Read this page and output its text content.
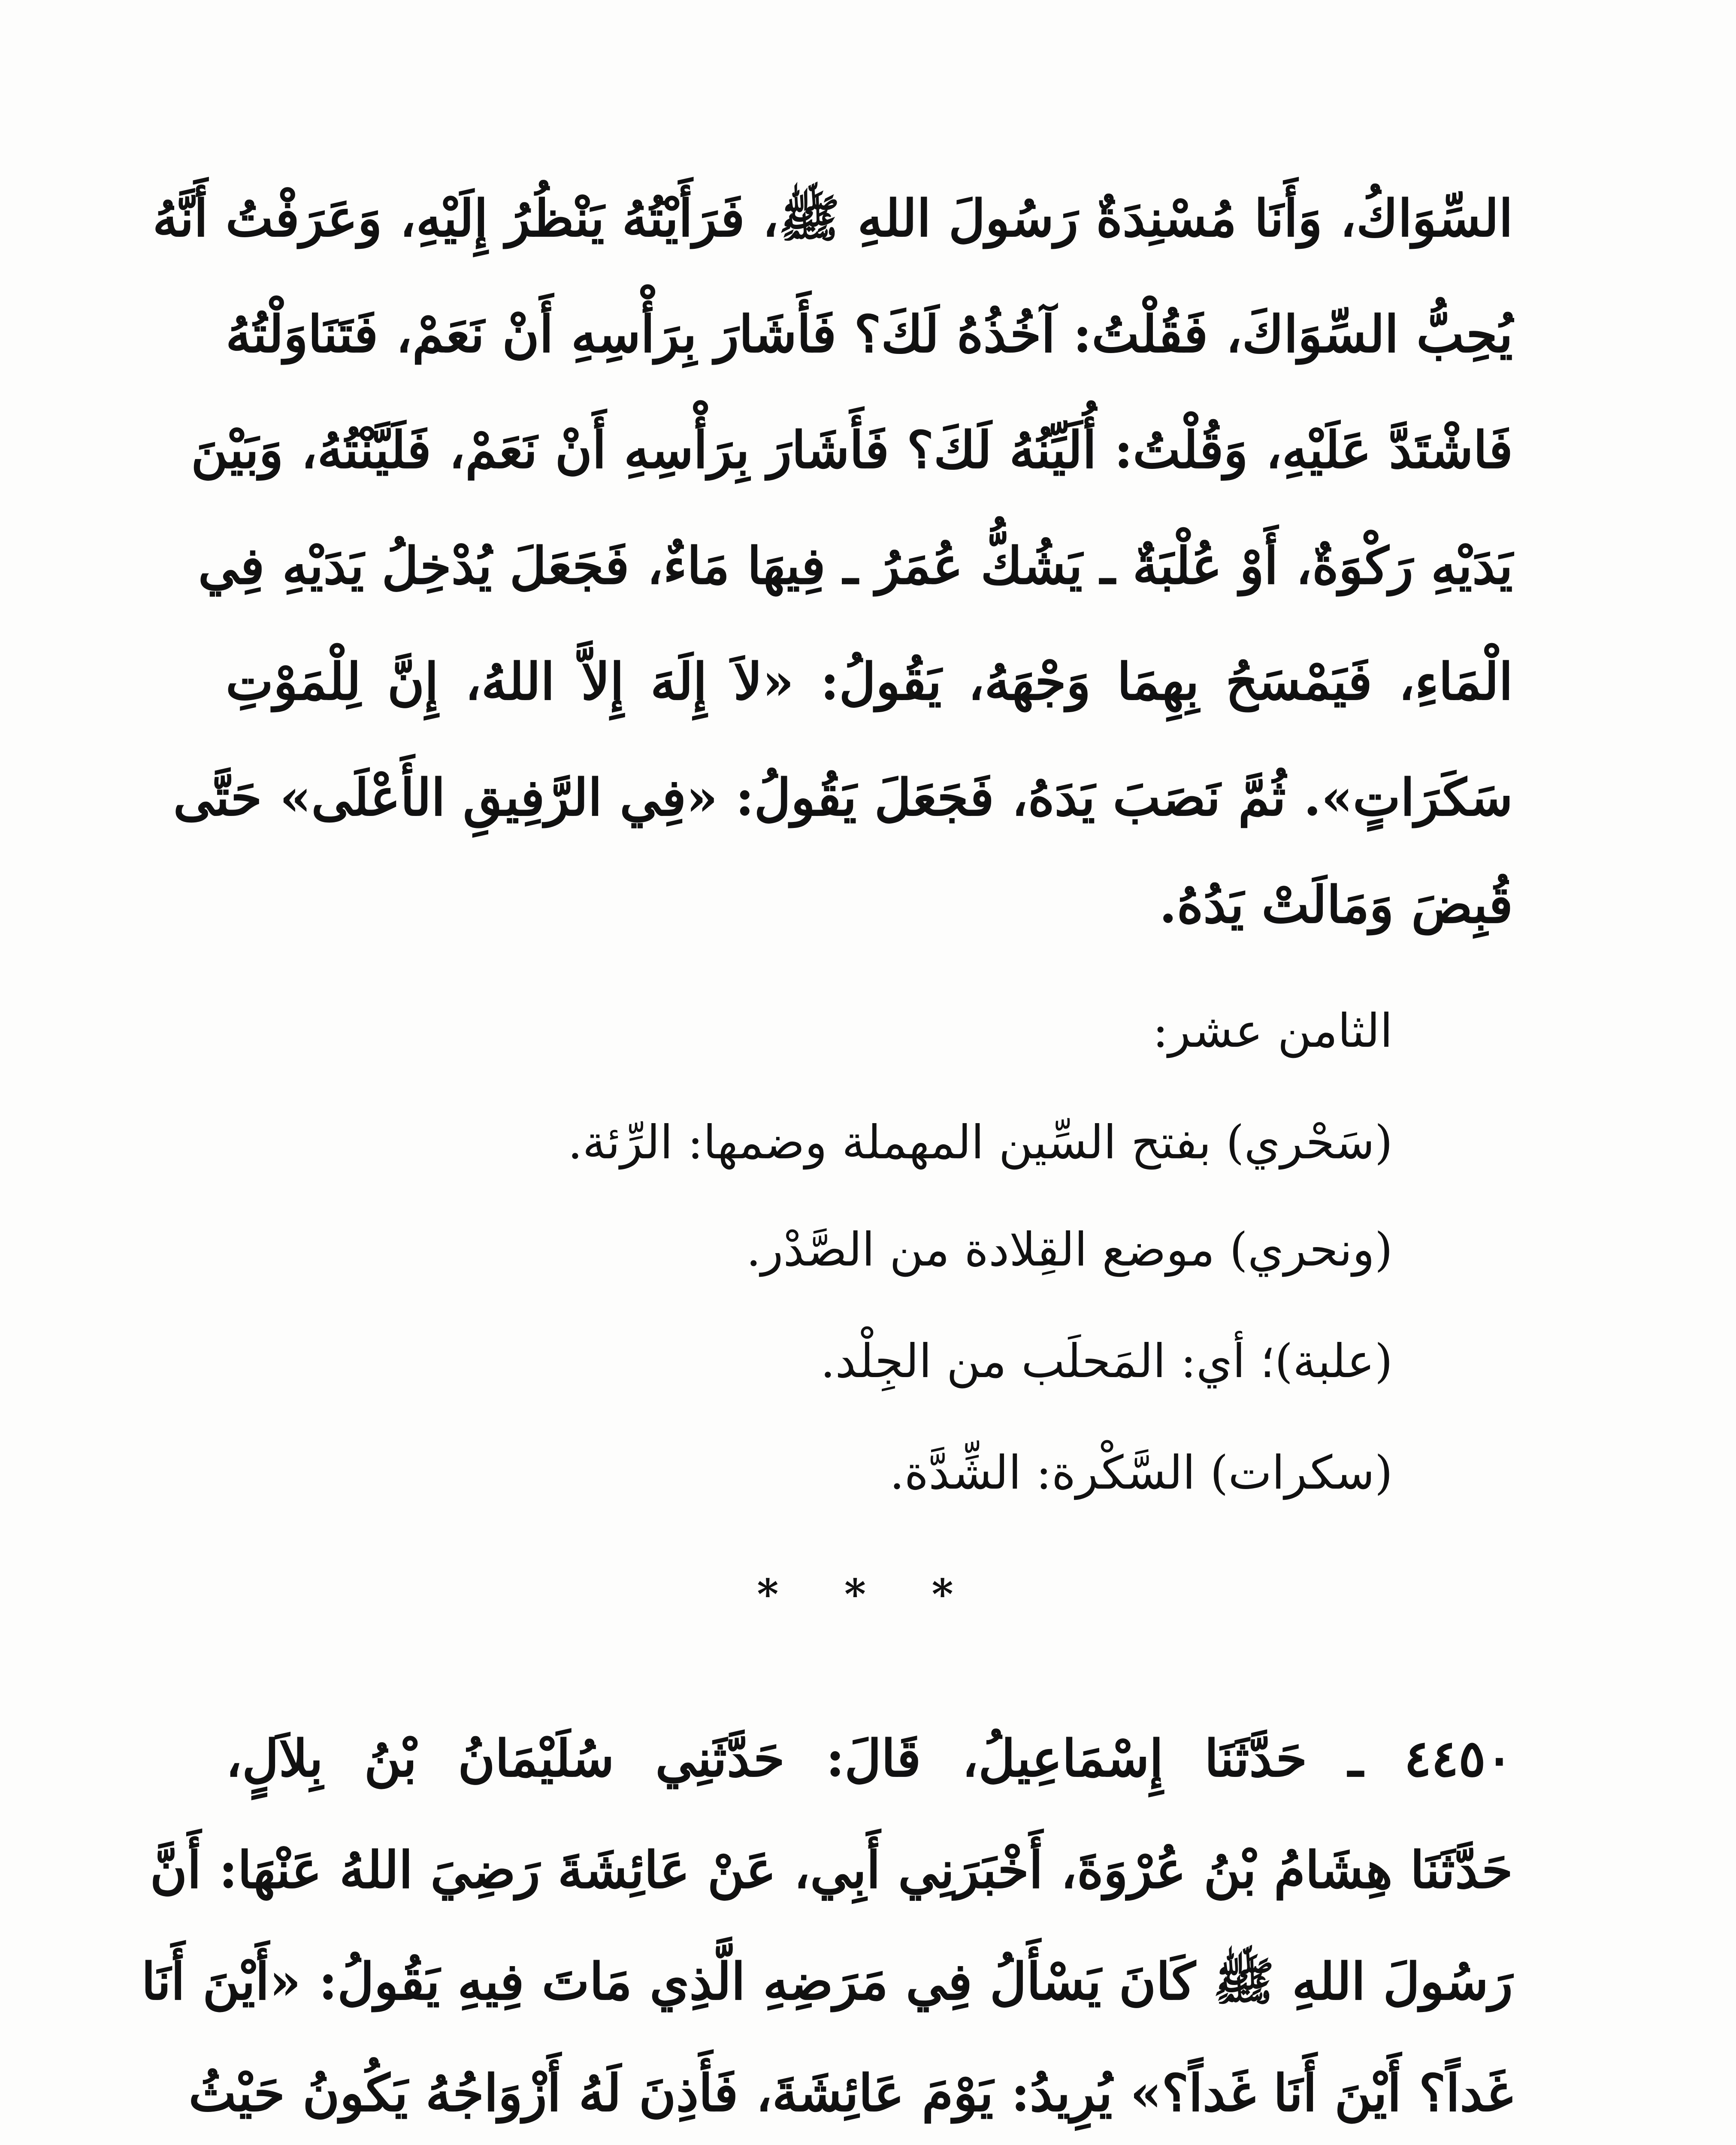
السِّوَاكُ، وَأَنَا مُسْنِدَةٌ رَسُولَ اللهِ ﷺ، فَرَأَيْتُهُ يَنْظُرُ إِلَيْهِ، وَعَرَفْتُ أَنَّهُ
يُحِبُّ السِّوَاكَ، فَقُلْتُ: آخُذُهُ لَكَ؟ فَأَشَارَ بِرَأْسِهِ أَنْ نَعَمْ، فَتَنَاوَلْتُهُ
فَاشْتَدَّ عَلَيْهِ، وَقُلْتُ: أُلَيِّنُهُ لَكَ؟ فَأَشَارَ بِرَأْسِهِ أَنْ نَعَمْ، فَلَيَّنْتُهُ، وَبَيْنَ
يَدَيْهِ رَكْوَةٌ، أَوْ عُلْبَةٌ ـ يَشُكُّ عُمَرُ ـ فِيهَا مَاءٌ، فَجَعَلَ يُدْخِلُ يَدَيْهِ فِي
الْمَاءِ، فَيَمْسَحُ بِهِمَا وَجْهَهُ، يَقُولُ: «لاَ إِلَهَ إِلاَّ اللهُ، إِنَّ لِلْمَوْتِ
سَكَرَاتٍ». ثُمَّ نَصَبَ يَدَهُ، فَجَعَلَ يَقُولُ: «فِي الرَّفِيقِ الأَعْلَى» حَتَّى
قُبِضَ وَمَالَتْ يَدُهُ.
الثامن عشر:
(سَحْري) بفتح السِّين المهملة وضمها: الرِّئة.
(ونحري) موضع القِلادة من الصَّدْر.
(علبة)؛ أي: المَحلَب من الجِلْد.
(سكرات) السَّكْرة: الشِّدَّة.
* * *
٤٤٥٠ ـ حَدَّثَنَا إِسْمَاعِيلُ، قَالَ: حَدَّثَنِي سُلَيْمَانُ بْنُ بِلاَلٍ،
حَدَّثَنَا هِشَامُ بْنُ عُرْوَةَ، أَخْبَرَنِي أَبِي، عَنْ عَائِشَةَ رَضِيَ اللهُ عَنْهَا: أَنَّ
رَسُولَ اللهِ ﷺ كَانَ يَسْأَلُ فِي مَرَضِهِ الَّذِي مَاتَ فِيهِ يَقُولُ: «أَيْنَ أَنَا
غَداً؟ أَيْنَ أَنَا غَداً؟» يُرِيدُ: يَوْمَ عَائِشَةَ، فَأَذِنَ لَهُ أَزْوَاجُهُ يَكُونُ حَيْثُ
